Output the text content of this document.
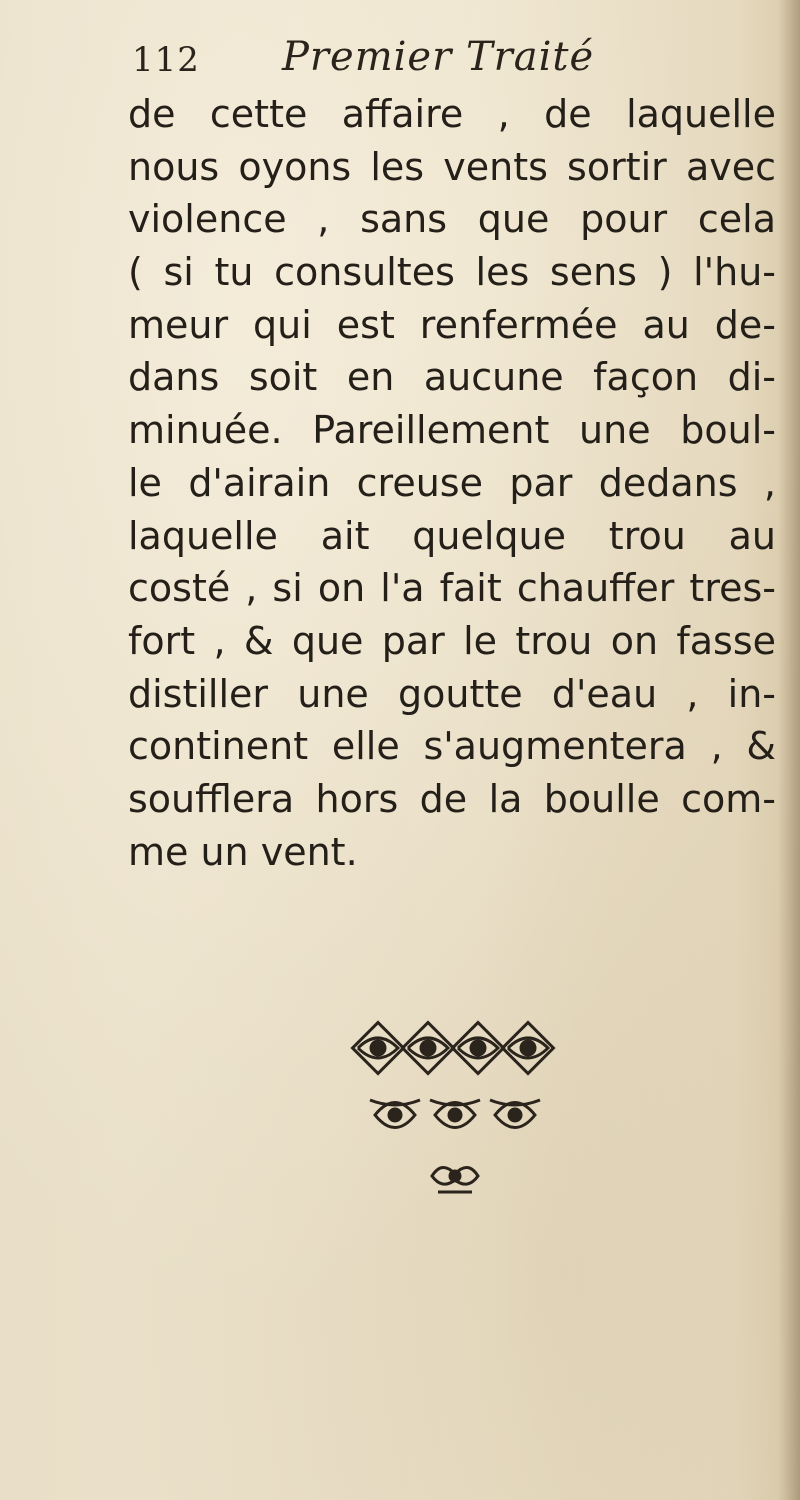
112 Premier Traité
de cette affaire , de laquelle
nous oyons les vents sortir avec
violence , sans que pour cela
( si tu consultes les sens ) l'hu-
meur qui est renfermée au de-
dans soit en aucune façon di-
minuée. Pareillement une boul-
le d'airain creuse par dedans ,
laquelle ait quelque trou au
costé , si on l'a fait chauffer tres-
fort , & que par le trou on fasse
distiller une goutte d'eau , in-
continent elle s'augmentera , &
soufflera hors de la boulle com-
me un vent.
